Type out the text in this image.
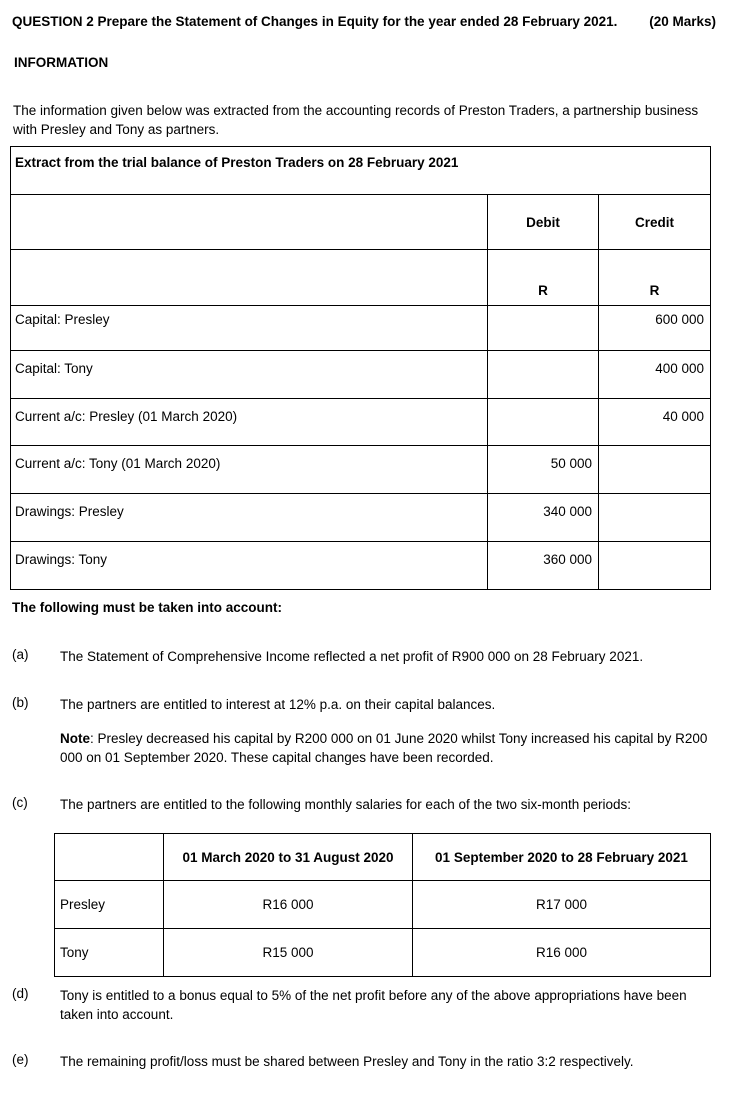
QUESTION 2 Prepare the Statement of Changes in Equity for the year ended 28 February 2021. (20 Marks)
INFORMATION
The information given below was extracted from the accounting records of Preston Traders, a partnership business with Presley and Tony as partners.
Extract from the trial balance of Preston Traders on 28 February 2021		
	Debit	Credit
	R	R
Capital: Presley		600 000
Capital: Tony		400 000
Current a/c: Presley (01 March 2020)		40 000
Current a/c: Tony (01 March 2020)	50 000	
Drawings: Presley	340 000	
Drawings: Tony	360 000	
The following must be taken into account:
(a) The Statement of Comprehensive Income reflected a net profit of R900 000 on 28 February 2021.
(b) The partners are entitled to interest at 12% p.a. on their capital balances.
Note: Presley decreased his capital by R200 000 on 01 June 2020 whilst Tony increased his capital by R200 000 on 01 September 2020. These capital changes have been recorded.
(c) The partners are entitled to the following monthly salaries for each of the two six-month periods:
	01 March 2020 to 31 August 2020	01 September 2020 to 28 February 2021
Presley	R16 000	R17 000
Tony	R15 000	R16 000
(d) Tony is entitled to a bonus equal to 5% of the net profit before any of the above appropriations have been taken into account.
(e) The remaining profit/loss must be shared between Presley and Tony in the ratio 3:2 respectively.
